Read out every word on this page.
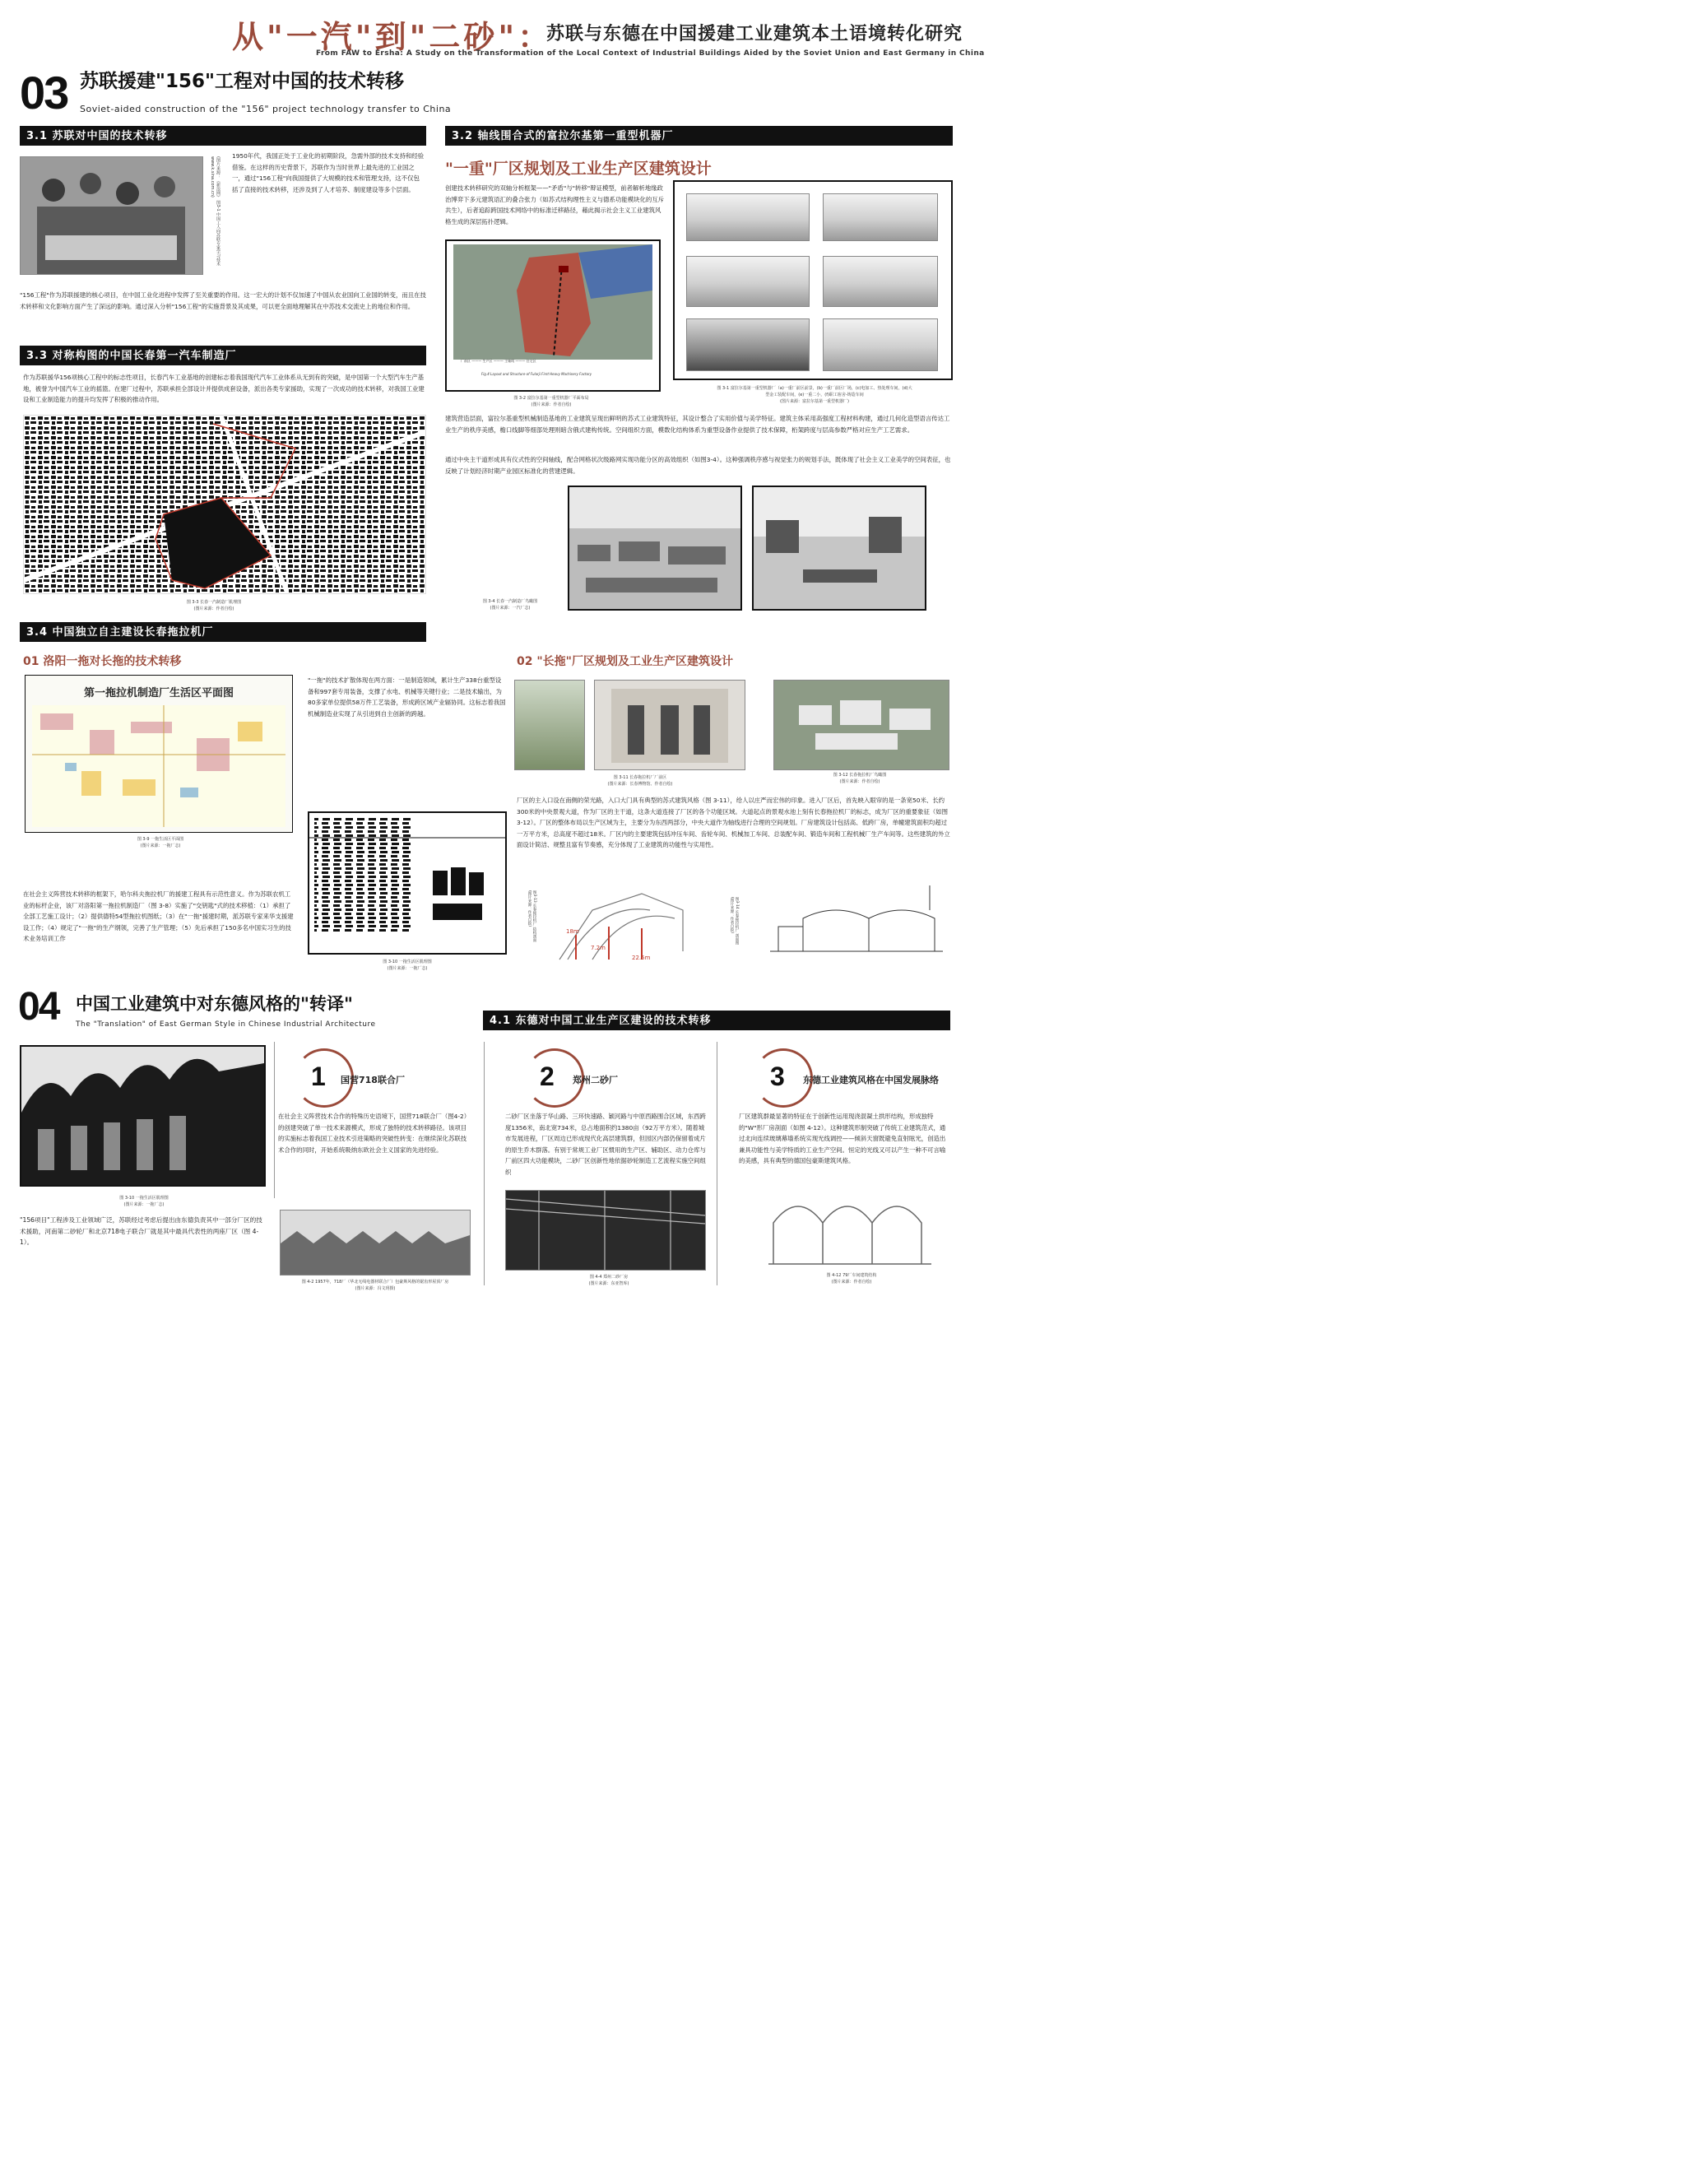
从"一汽"到"二砂"：
苏联与东德在中国援建工业建筑本土语境转化研究
From FAW to Ersha: A Study on the Transformation of the Local Context of Industrial Buildings Aided by the Soviet Union and East Germany in China
03 苏联援建"156"工程对中国的技术转移
Soviet-aided construction of the "156" project technology transfer to China
3.1 苏联对中国的技术转移
(图片来源：《新浪网》 图3-1 中国工人向苏联专家学习技术 www.k.sina.com.cn)
1950年代，我国正处于工业化的初期阶段，急需外部的技术支持和经验借鉴。在这样的历史背景下，苏联作为当时世界上最先进的工业国之一，通过"156工程"向我国提供了大规模的技术和管理支持，这不仅包括了直接的技术转移，还涉及到了人才培养、制度建设等多个层面。
"156工程"作为苏联援建的核心项目，在中国工业化进程中发挥了至关重要的作用。这一宏大的计划不仅加速了中国从农业国向工业国的转变，而且在技术转移和文化影响方面产生了深远的影响。通过深入分析"156工程"的实施背景及其成果，可以更全面地理解其在中苏技术交流史上的地位和作用。
3.3 对称构图的中国长春第一汽车制造厂
作为苏联援华156项核心工程中的标志性项目，长春汽车工业基地的创建标志着我国现代汽车工业体系从无到有的突破，是中国第一个大型汽车生产基地，被誉为中国汽车工业的摇篮。在建厂过程中，苏联承担全部设计并提供成套设备，派出各类专家援助，实现了一次成功的技术转移，对我国工业建设和工业制造能力的提升均发挥了积极的推动作用。
图 3-3 长春一汽制造厂肌理图
(图片来源：作者自绘)
3.2 轴线围合式的富拉尔基第一重型机器厂
"一重"厂区规划及工业生产区建筑设计
创建技术转移研究的双轴分析框架——"矛盾"与"转移"辩证模型，前者解析地缘政治博弈下多元建筑语汇的叠合张力（如苏式结构理性主义与德系功能模块化的互斥共生），后者追踪跨国技术网络中的标准迁移路径，藉此揭示社会主义工业建筑风格生成的深层拓扑逻辑。
厂前区 ——— 生产区 ——— 主轴线 ——— 住宅区
Fig.4 Layout and Structure of Fularji First Heavy Machinery Factory
图 3-2 富拉尔基第一重型机器厂平面布局
(图片来源：作者自绘)
图 3-1 富拉尔基第一重型机器厂（a)一重厂前区前景，(b)一重厂前区厂场，(c)电加工、热处理车间，(d)大型金工装配车间，(e)一重二小，(f)职工宿舍-铸造车间
(图片来源：富拉尔基第一重型机器厂)
建筑营造层面，富拉尔基重型机械制造基地的工业建筑呈现出鲜明的苏式工业建筑特征，其设计整合了实用价值与美学特征。建筑主体采用高强度工程材料构建，通过几何化造型语言传达工业生产的秩序美感，檐口线脚等细部处理则暗含俄式建构传统。空间组织方面，模数化结构体系为重型设备作业提供了技术保障，桁架跨度与层高参数严格对应生产工艺需求。
通过中央主干道形成具有仪式性的空间轴线，配合网格状次级路网实现功能分区的高效组织（如图3-4）。这种强调秩序感与视觉张力的规划手法，既体现了社会主义工业美学的空间表征，也反映了计划经济时期产业园区标准化的营建逻辑。
图 3-4 长春一汽制造厂鸟瞰图
(图片来源：一汽厂志)
3.4 中国独立自主建设长春拖拉机厂
01 洛阳一拖对长拖的技术转移
第一拖拉机制造厂生活区平面图
图 3-9 一拖生活区平面图
(图片来源：一拖厂志)
"一拖"的技术扩散体现在两方面：一是制造领域，累计生产338台重型设备和997套专用装备，支撑了水电、机械等关键行业；二是技术输出，为80多家单位提供58万件工艺装备，形成跨区域产业辐协同。这标志着我国机械制造业实现了从引进到自主创新的跨越。
图 3-10 一拖生活区肌理图
(图片来源：一拖厂志)
在社会主义阵营技术转移的框架下，哈尔科夫拖拉机厂的援建工程具有示范性意义。作为苏联农机工业的标杆企业，该厂对洛阳第一拖拉机制造厂（图 3-8）实施了"交钥匙"式的技术移植：（1）承担了全部工艺施工设计；（2）提供德特54型拖拉机图纸；（3）在"一拖"援建时期，派苏联专家来华支援建设工作；（4）规定了"一拖"的生产纲领，完善了生产管理；（5）先后承担了150多名中国实习生的技术业务培训工作
02 "长拖"厂区规划及工业生产区建筑设计
图 3-11 长春拖拉机厂厂前区
(图片来源：长春博物馆、作者自绘)
图 3-12 长春拖拉机厂鸟瞰图
(图片来源：作者自绘)
厂区的主入口设在南侧的荣光路，入口大门具有典型的苏式建筑风格（图 3-11），给人以庄严而宏伟的印象。进入厂区后，首先映入眼帘的是一条宽50米、长约300米的中央景观大道，作为厂区的主干道，这条大道连接了厂区的各个功能区域。大道起点的景观水池上刻有长春拖拉机厂的标志，成为厂区的重要象征（如图3-12）。厂区的整体布局以生产区域为主，主要分为东西两部分，中央大道作为轴线进行合理的空间规划。厂房建筑设计包括高、低跨厂房，单幢建筑面积均超过一万平方米，总高度不超过18米。厂区内的主要建筑包括冲压车间、齿轮车间、机械加工车间、总装配车间、锻造车间和工程机械厂生产车间等。这些建筑的外立面设计简洁、规整且富有节奏感，充分体现了工业建筑的功能性与实用性。
图3-13 长春拖拉机厂 结构剖面
(图片来源：作者自绘)
18m
7.2m
22.5m
图3-14 长春拖拉机厂 剖面图
(图片来源：作者自绘)
04 中国工业建筑中对东德风格的"转译"
The "Translation" of East German Style in Chinese Industrial Architecture	4.1 东德对中国工业生产区建设的技术转移
图 3-10 一拖生活区肌理图
(图片来源：一拖厂志)
"156项目"工程涉及工业领域广泛，苏联经过考虑后提出由东德负责其中一部分厂区的技术援助，河南第二砂轮厂和北京718电子联合厂就是其中最具代表性的两座厂区（图 4-1）。
1 国营718联合厂
在社会主义阵营技术合作的特殊历史语境下，国营718联合厂（图4-2）的创建突破了单一技术来源模式，形成了独特的技术转移路径。该项目的实施标志着我国工业技术引进策略的突破性转变：在继续深化苏联技术合作的同时，开始系统吸纳东欧社会主义国家的先进经验。
图 4-2 1957年，718厂（华北无线电器材联合厂）包豪斯风格的锯齿形屋顶厂房
(图片来源：冯文玥摄)
2 郑州二砂厂
二砂厂区坐落于华山路、三环快速路、颖河路与中原西路围合区域，东西跨度1356米，南北宽734米，总占地面积约1380亩（92万平方米）。随着城市发展进程，厂区周边已形成现代化高层建筑群，但园区内部仍保留着成片的原生乔木群落。有别于常规工业厂区惯用的生产区、辅助区、动力仓库与厂前区四大功能模块，二砂厂区创新性地依据砂轮制造工艺流程实施空间组织
图 4-4 郑州二砂厂房
(图片来源：东亚智库)
3 东德工业建筑风格在中国发展脉络
厂区建筑群最显著的特征在于创新性运用现浇混凝土拱形结构，形成独特的"W"形厂房剖面（如图 4-12）。这种建筑形制突破了传统工业建筑范式，通过北向连续玻璃幕墙系统实现光线调控——倾斜天窗既避免直射眩光，创造出兼具功能性与美学特质的工业生产空间。恒定的光线又可以产生一种不可言喻的美感，具有典型的德国包豪斯建筑风格。
图 4-12 79厂车间建筑结构
(图片来源：作者自绘)
